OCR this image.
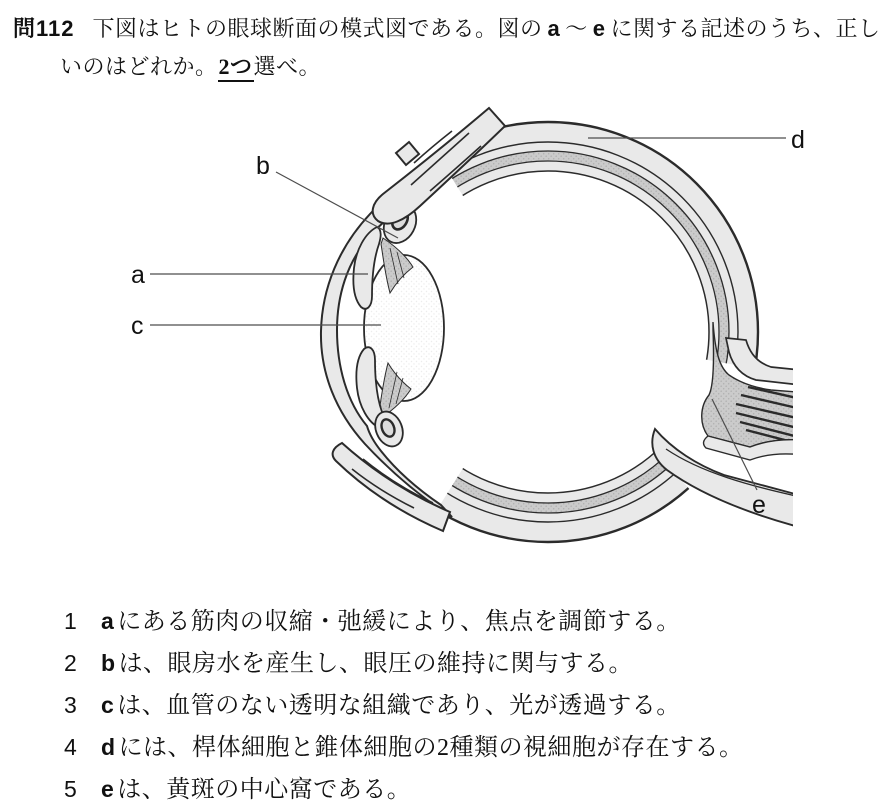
a
b
c
d
e
問112 下図はヒトの眼球断面の模式図である。図の a ～ e に関する記述のうち、正し
いのはどれか。2つ選べ。
1	a にある筋肉の収縮・弛緩により、焦点を調節する。
2	b は、眼房水を産生し、眼圧の維持に関与する。
3	c は、血管のない透明な組織であり、光が透過する。
4	d には、桿体細胞と錐体細胞の2種類の視細胞が存在する。
5	e は、黄斑の中心窩である。
